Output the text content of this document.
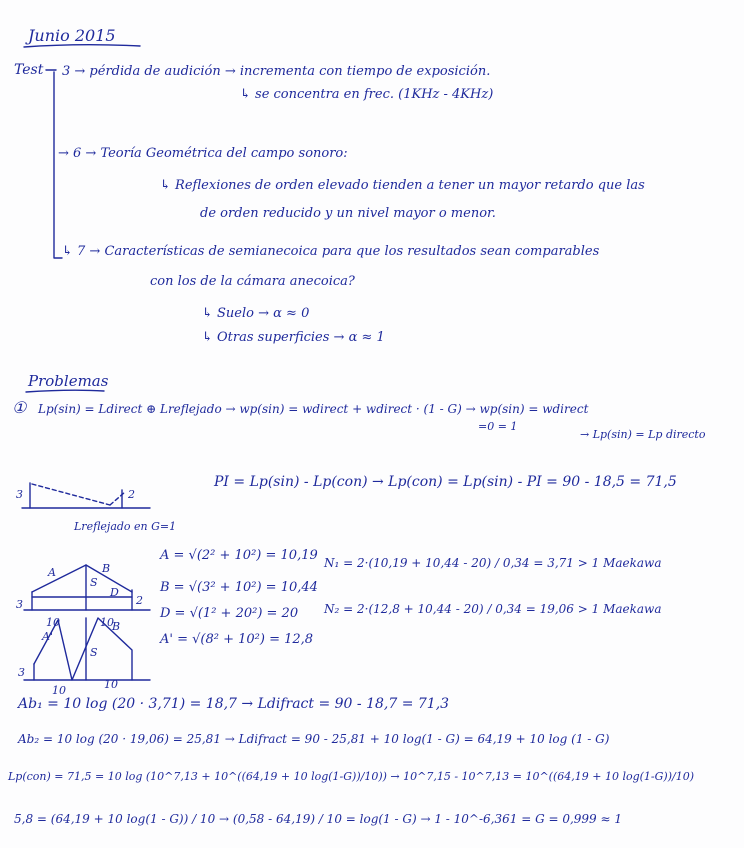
Junio 2015
Test 3 → pérdida de audición → incrementa con tiempo de exposición.
↳ se concentra en frec. (1KHz - 4KHz)
→ 6 → Teoría Geométrica del campo sonoro:
↳ Reflexiones de orden elevado tienden a tener un mayor retardo que las
de orden reducido y un nivel mayor o menor.
↳ 7 → Características de semianecoica para que los resultados sean comparables
con los de la cámara anecoica?
↳ Suelo → α ≈ 0
↳ Otras superficies → α ≈ 1
Problemas
① Lp(sin) = Ldirect ⊕ Lreflejado → wp(sin) = wdirect + wdirect · (1 - G) → wp(sin) = wdirect
=0 = 1
→ Lp(sin) = Lp directo
PI = Lp(sin) - Lp(con) → Lp(con) = Lp(sin) - PI = 90 - 18,5 = 71,5
3	2
Lreflejado en G=1
3
A	B
S
D
2
10	10
3
A'
B
S
10	10
A = √(2² + 10²) = 10,19
B = √(3² + 10²) = 10,44
D = √(1² + 20²) = 20
A' = √(8² + 10²) = 12,8
N₁ = 2·(10,19 + 10,44 - 20) / 0,34 = 3,71 > 1 Maekawa
N₂ = 2·(12,8 + 10,44 - 20) / 0,34 = 19,06 > 1 Maekawa
Ab₁ = 10 log (20 · 3,71) = 18,7 → Ldifract = 90 - 18,7 = 71,3
Ab₂ = 10 log (20 · 19,06) = 25,81 → Ldifract = 90 - 25,81 + 10 log(1 - G) = 64,19 + 10 log (1 - G)
Lp(con) = 71,5 = 10 log (10^7,13 + 10^((64,19 + 10 log(1-G))/10)) → 10^7,15 - 10^7,13 = 10^((64,19 + 10 log(1-G))/10)
5,8 = (64,19 + 10 log(1 - G)) / 10 → (0,58 - 64,19) / 10 = log(1 - G) → 1 - 10^-6,361 = G = 0,999 ≈ 1
